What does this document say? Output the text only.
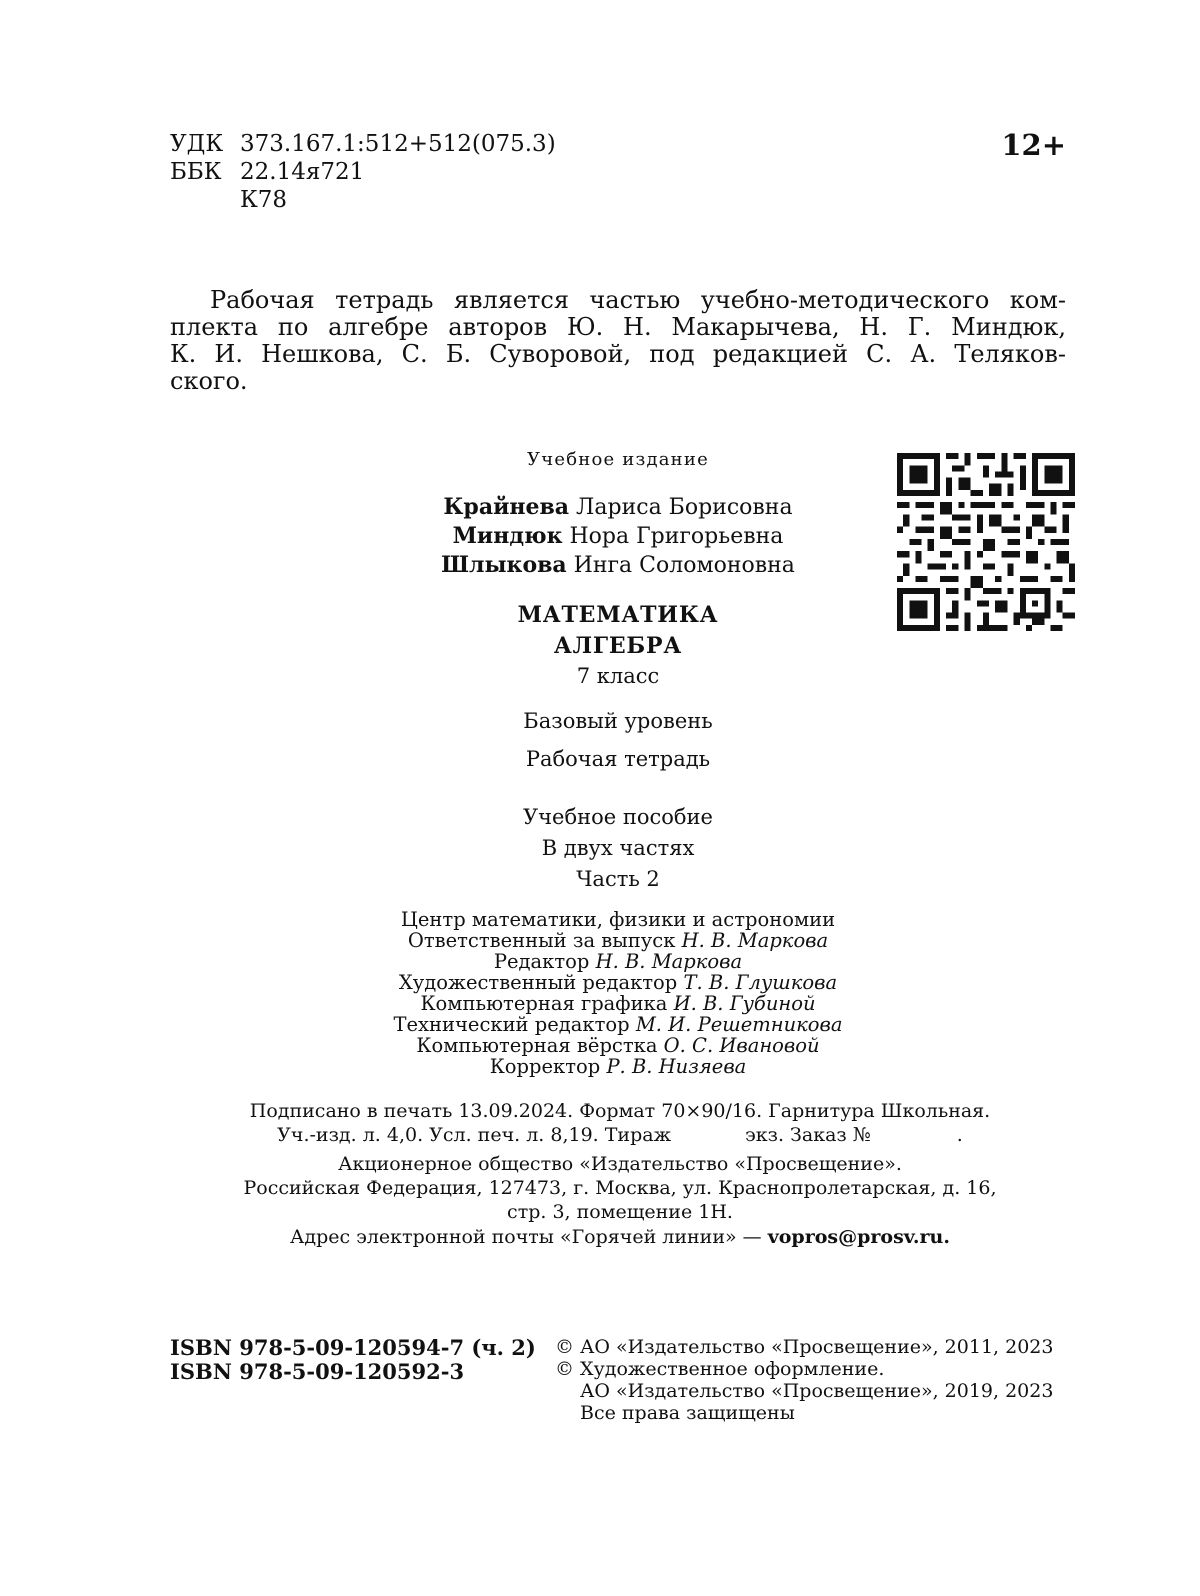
УДК 373.167.1:512+512(075.3)
ББК 22.14я721
К78
12+
Рабочая тетрадь является частью учебно-методического ком-
плекта по алгебре авторов Ю. Н. Макарычева, Н. Г. Миндюк,
К. И. Нешкова, С. Б. Суворовой, под редакцией С. А. Теляков-
ского.
Учебное издание
Крайнева Лариса Борисовна
Миндюк Нора Григорьевна
Шлыкова Инга Соломоновна
МАТЕМАТИКА
АЛГЕБРА
7 класс
Базовый уровень
Рабочая тетрадь
Учебное пособие
В двух частях
Часть 2
Центр математики, физики и астрономии
Ответственный за выпуск Н. В. Маркова
Редактор Н. В. Маркова
Художественный редактор Т. В. Глушкова
Компьютерная графика И. В. Губиной
Технический редактор М. И. Решетникова
Компьютерная вёрстка О. С. Ивановой
Корректор Р. В. Низяева
Подписано в печать 13.09.2024. Формат 70×90/16. Гарнитура Школьная.
Уч.-изд. л. 4,0. Усл. печ. л. 8,19. Тираж	экз. Заказ №	.
Акционерное общество «Издательство «Просвещение».
Российская Федерация, 127473, г. Москва, ул. Краснопролетарская, д. 16,
стр. 3, помещение 1Н.
Адрес электронной почты «Горячей линии» — vopros@prosv.ru.
ISBN 978-5-09-120594-7 (ч. 2)
ISBN 978-5-09-120592-3
© АО «Издательство «Просвещение», 2011, 2023
© Художественное оформление.
АО «Издательство «Просвещение», 2019, 2023
Все права защищены
